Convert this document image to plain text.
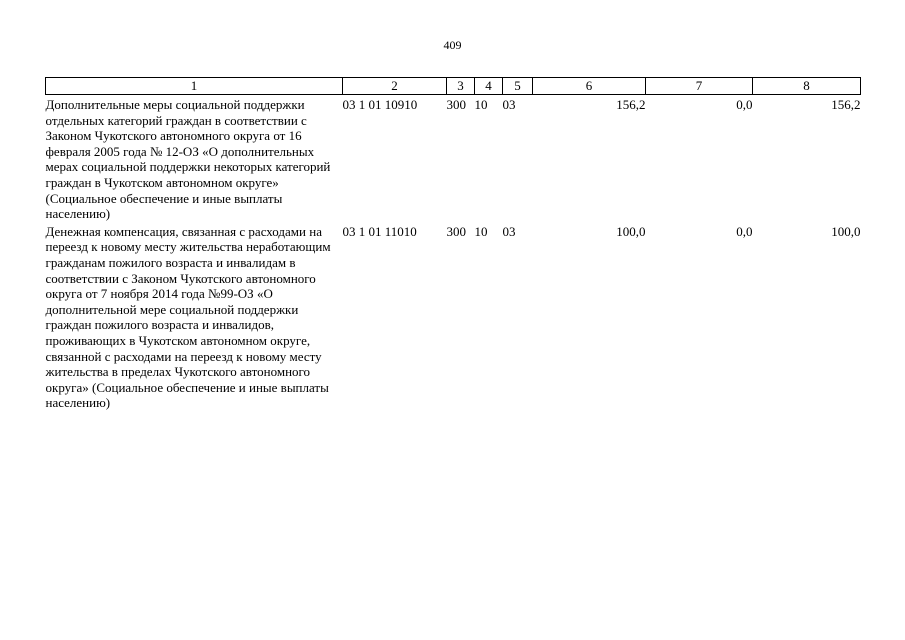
409
1	2	3	4	5	6	7	8
Дополнительные меры социальной поддержки отдельных категорий граждан в соответствии с Законом Чукотского автономного округа от 16 февраля 2005 года № 12-ОЗ «О дополнительных мерах социальной поддержки некоторых категорий граждан в Чукотском автономном округе» (Социальное обеспечение и иные выплаты населению)	03 1 01 10910	300	10	03	156,2	0,0	156,2
Денежная компенсация, связанная с расходами на переезд к новому месту жительства неработающим гражданам пожилого возраста и инвалидам в соответствии с Законом Чукотского автономного округа от 7 ноября 2014 года №99-ОЗ «О дополнительной мере социальной поддержки граждан пожилого возраста и инвалидов, проживающих в Чукотском автономном округе, связанной с расходами на переезд к новому месту жительства в пределах Чукотского автономного округа» (Социальное обеспечение и иные выплаты населению)	03 1 01 11010	300	10	03	100,0	0,0	100,0
